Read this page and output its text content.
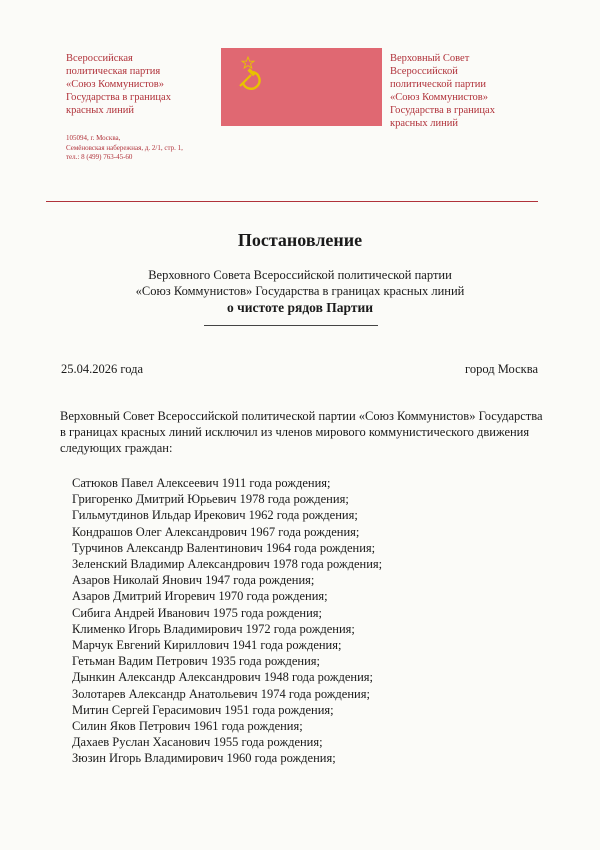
Всероссийская
политическая партия
«Союз Коммунистов»
Государства в границах
красных линий
105094, г. Москва,
Семёновская набережная, д. 2/1, стр. 1,
тел.: 8 (499) 763-45-60
Верховный Совет
Всероссийской
политической партии
«Союз Коммунистов»
Государства в границах
красных линий
Постановление
Верховного Совета Всероссийской политической партии
«Союз Коммунистов» Государства в границах красных линий
о чистоте рядов Партии
25.04.2026 года	город Москва
Верховный Совет Всероссийской политической партии «Союз Коммунистов» Государства в границах красных линий исключил из членов мирового коммунистического движения следующих граждан:
Сатюков Павел Алексеевич 1911 года рождения;
Григоренко Дмитрий Юрьевич 1978 года рождения;
Гильмутдинов Ильдар Ирекович 1962 года рождения;
Кондрашов Олег Александрович 1967 года рождения;
Турчинов Александр Валентинович 1964 года рождения;
Зеленский Владимир Александрович 1978 года рождения;
Азаров Николай Янович 1947 года рождения;
Азаров Дмитрий Игоревич 1970 года рождения;
Сибига Андрей Иванович 1975 года рождения;
Клименко Игорь Владимирович 1972 года рождения;
Марчук Евгений Кириллович 1941 года рождения;
Гетьман Вадим Петрович 1935 года рождения;
Дынкин Александр Александрович 1948 года рождения;
Золотарев Александр Анатольевич 1974 года рождения;
Митин Сергей Герасимович 1951 года рождения;
Силин Яков Петрович 1961 года рождения;
Дахаев Руслан Хасанович 1955 года рождения;
Зюзин Игорь Владимирович 1960 года рождения;
